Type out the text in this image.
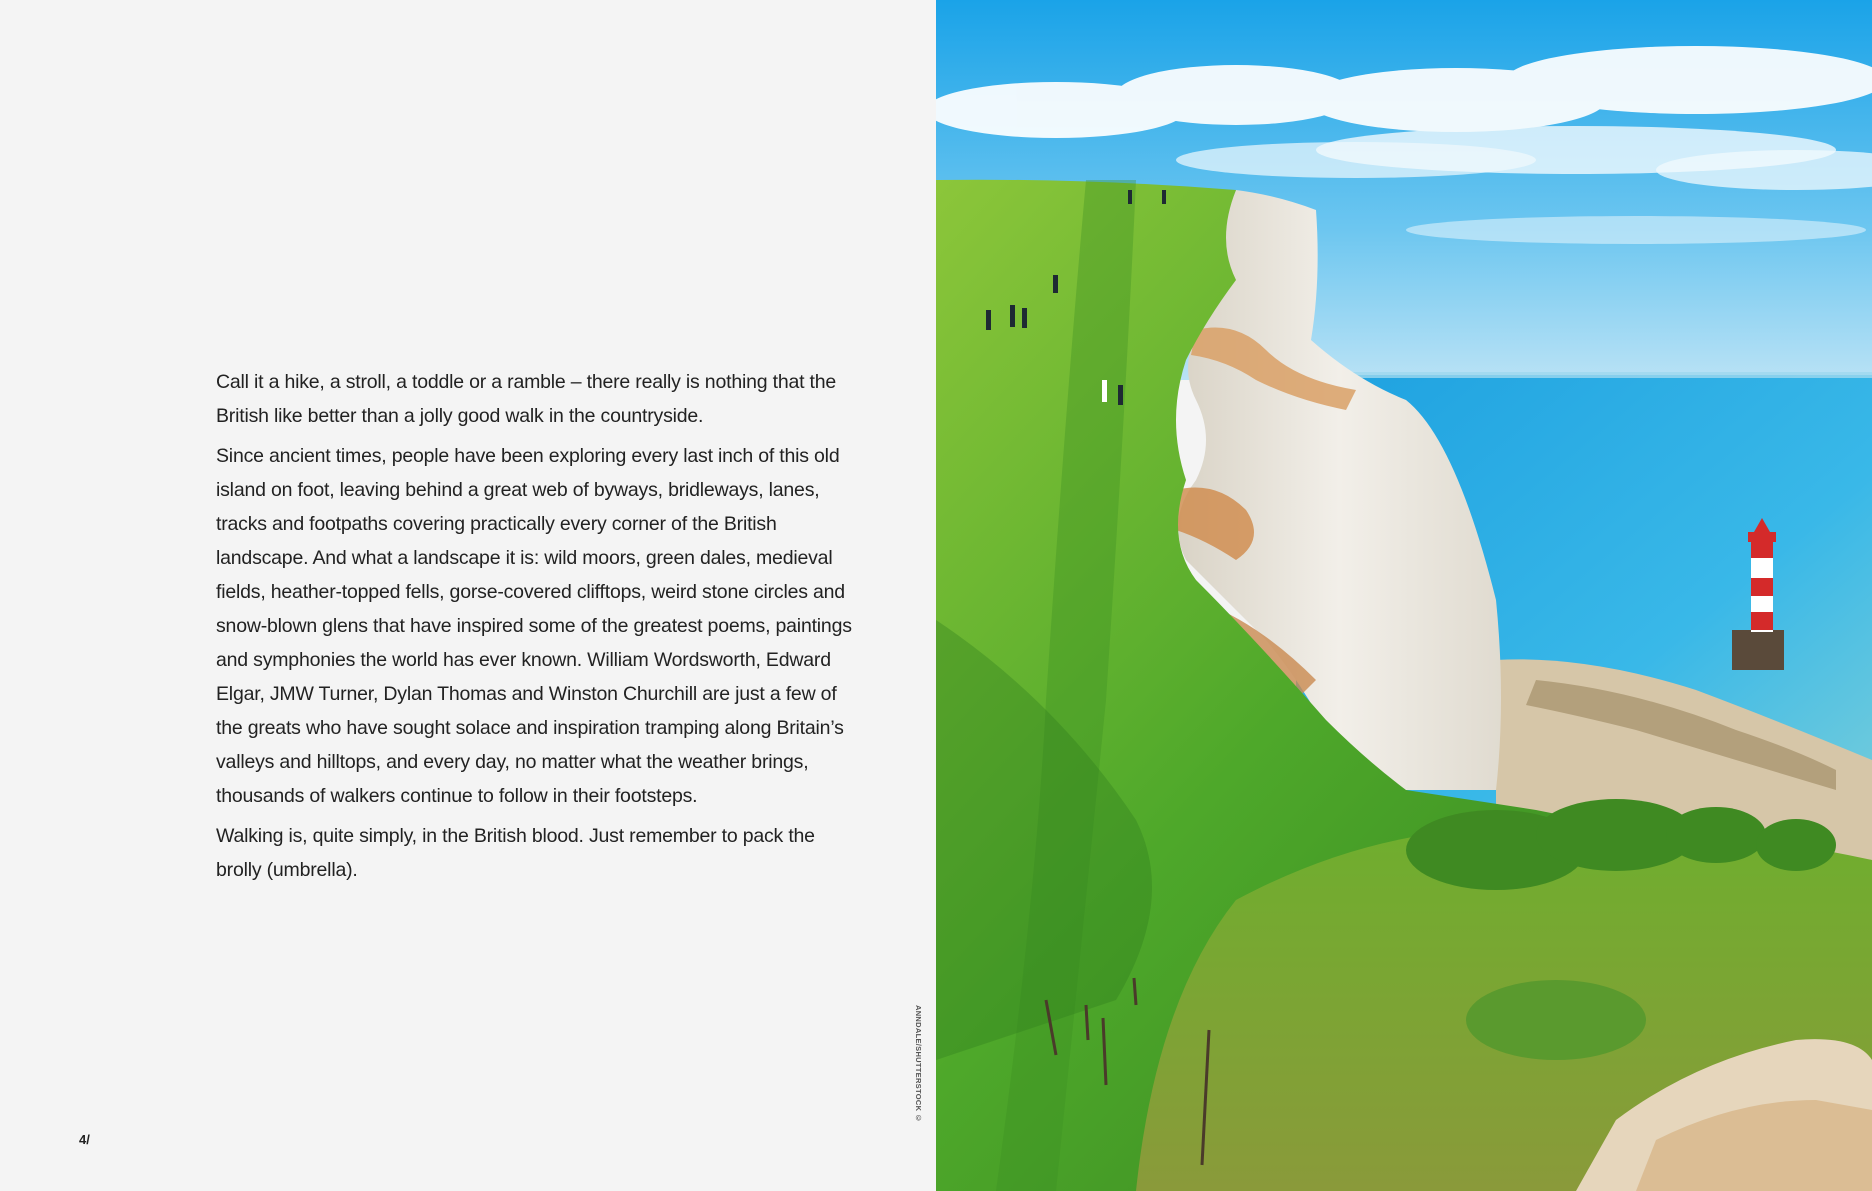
Call it a hike, a stroll, a toddle or a ramble – there really is nothing that the British like better than a jolly good walk in the countryside.

Since ancient times, people have been exploring every last inch of this old island on foot, leaving behind a great web of byways, bridleways, lanes, tracks and footpaths covering practically every corner of the British landscape. And what a landscape it is: wild moors, green dales, medieval fields, heather-topped fells, gorse-covered clifftops, weird stone circles and snow-blown glens that have inspired some of the greatest poems, paintings and symphonies the world has ever known. William Wordsworth, Edward Elgar, JMW Turner, Dylan Thomas and Winston Churchill are just a few of the greats who have sought solace and inspiration tramping along Britain’s valleys and hilltops, and every day, no matter what the weather brings, thousands of walkers continue to follow in their footsteps.

Walking is, quite simply, in the British blood. Just remember to pack the brolly (umbrella).

4/
ANNDALE/SHUTTERSTOCK ©
